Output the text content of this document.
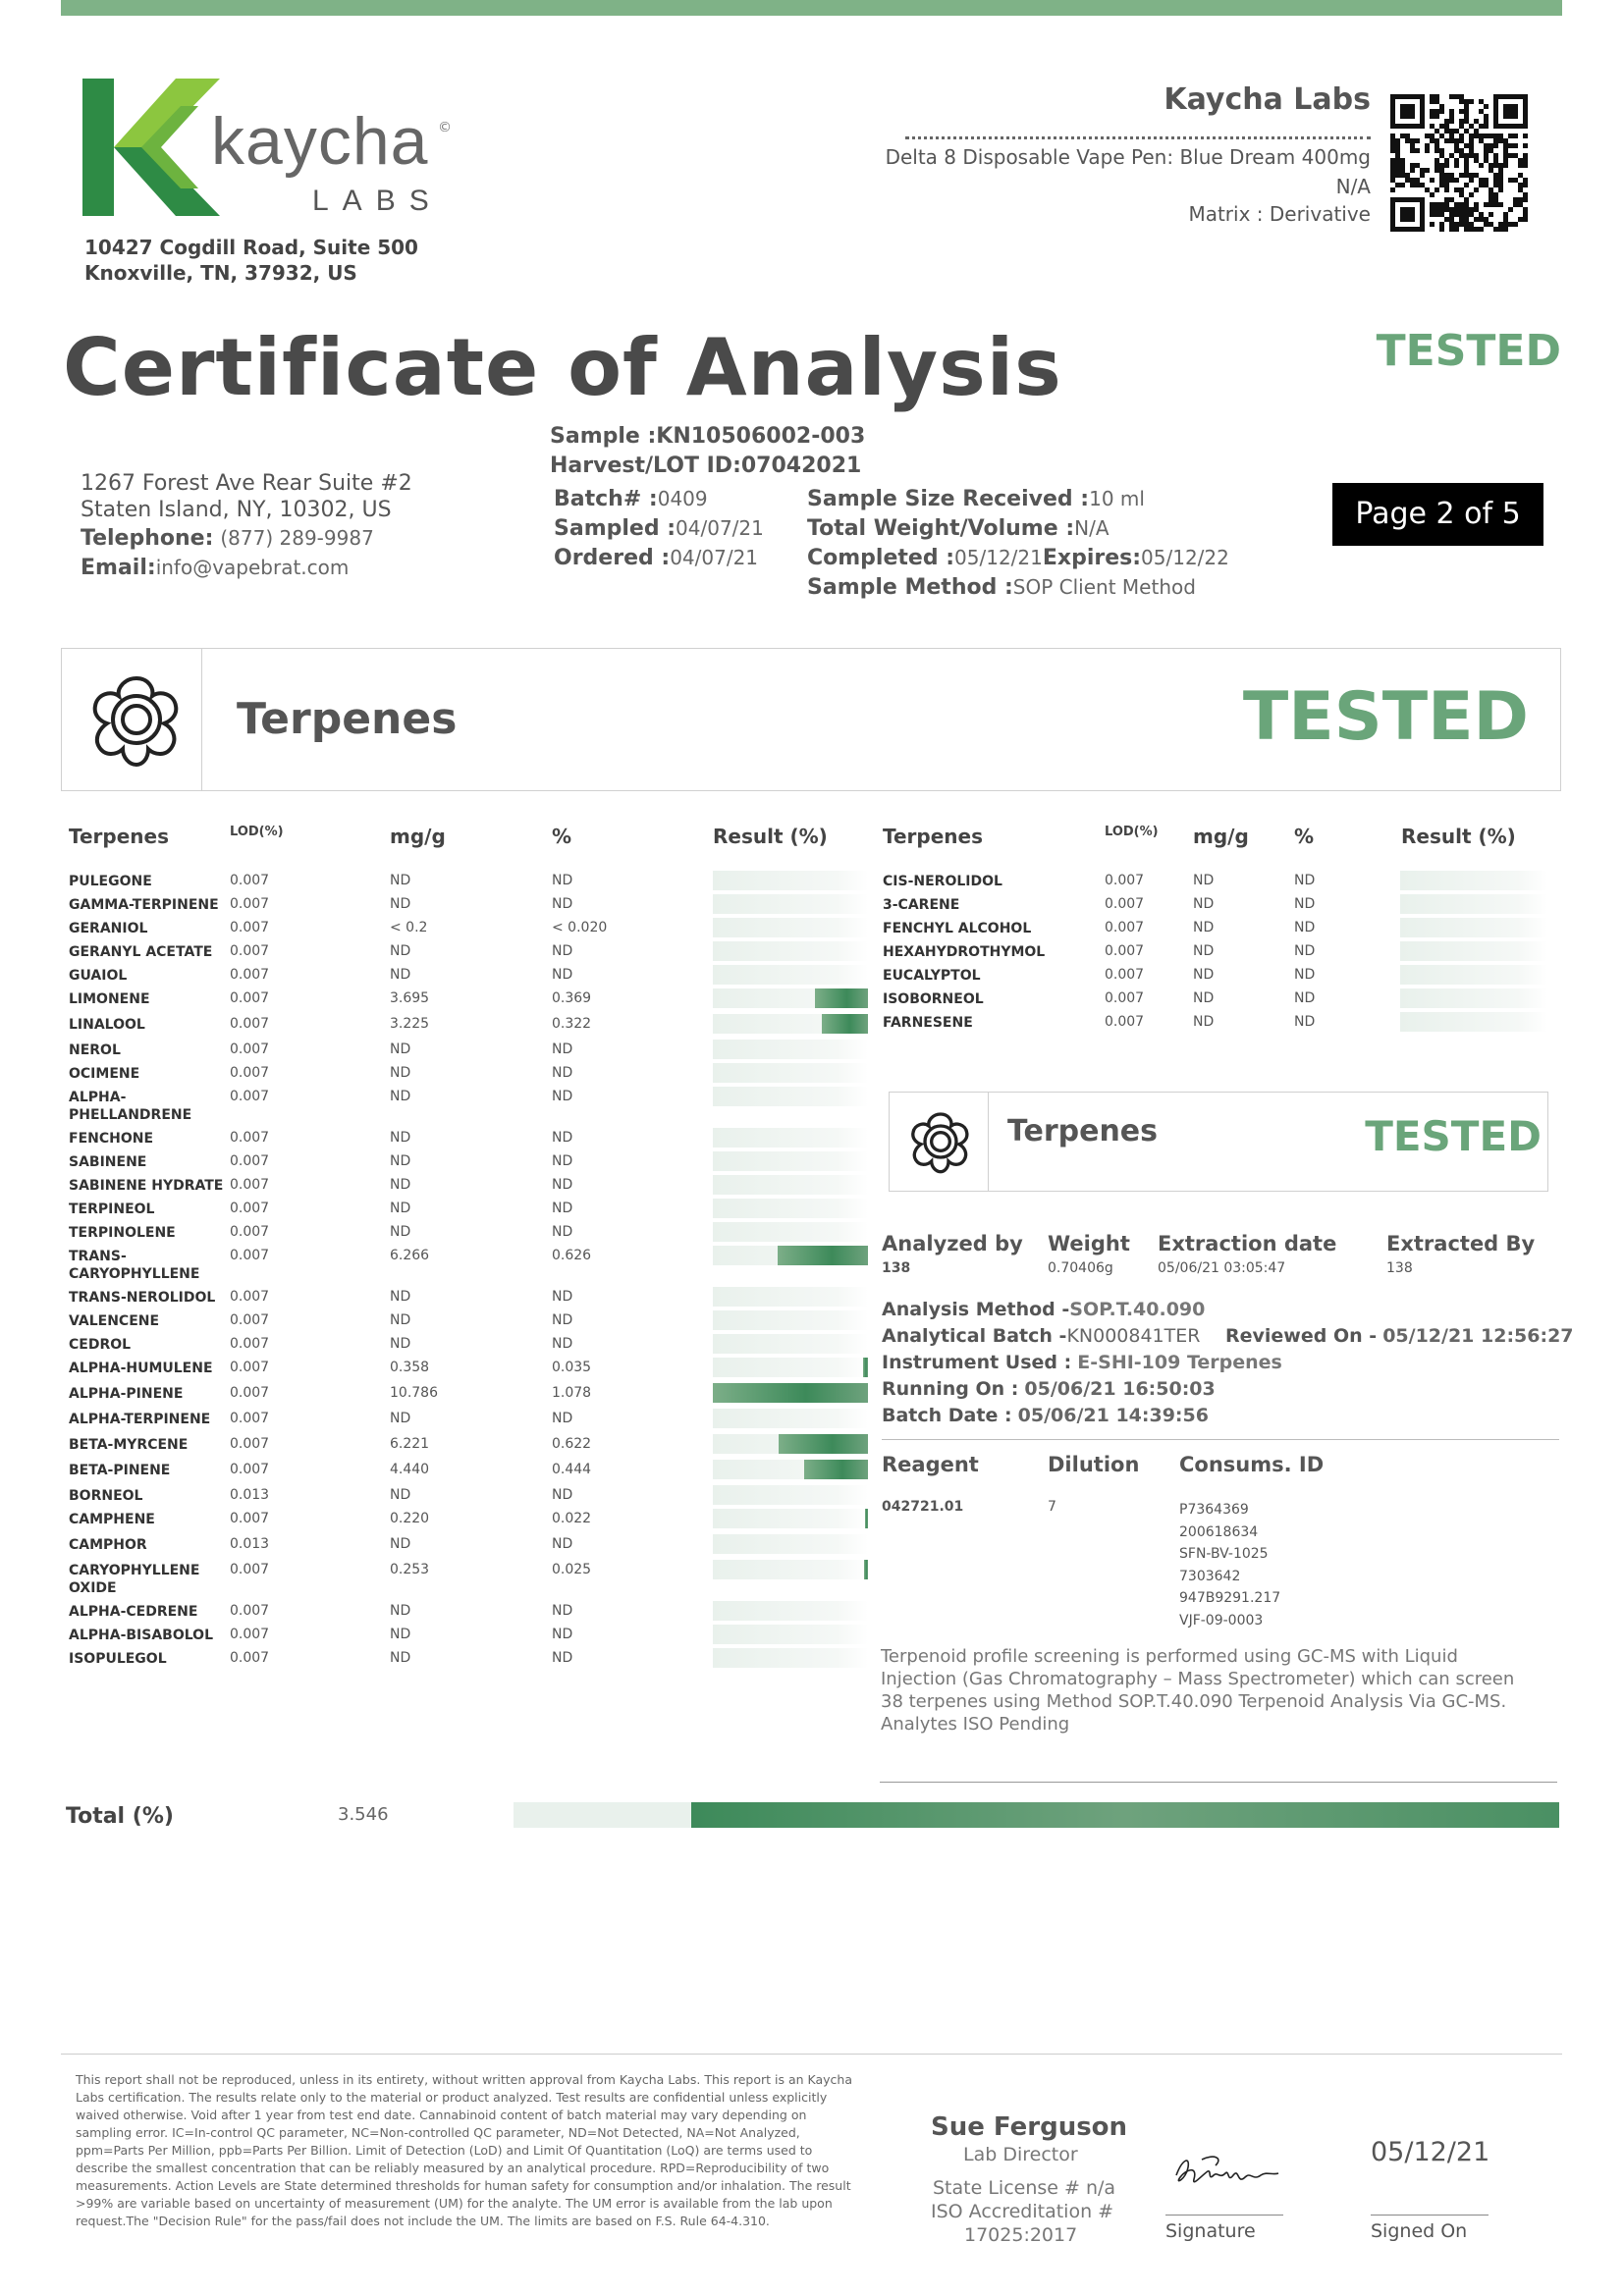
kaycha ©
LABS
10427 Cogdill Road, Suite 500
Knoxville, TN, 37932, US
Kaycha Labs
Delta 8 Disposable Vape Pen: Blue Dream 400mg
N/A
Matrix : Derivative
Certificate of Analysis	TESTED
1267 Forest Ave Rear Suite #2
Staten Island, NY, 10302, US
Telephone: (877) 289-9987
Email:info@vapebrat.com
Sample :KN10506002-003
Harvest/LOT ID:07042021
Batch# :0409
Sampled :04/07/21
Ordered :04/07/21
Sample Size Received :10 ml
Total Weight/Volume :N/A
Completed :05/12/21Expires:05/12/22
Sample Method :SOP Client Method
Page 2 of 5
Terpenes	TESTED
Terpenes	LOD(%)	mg/g	%	Result (%)	Terpenes	LOD(%) mg/g %	Result (%)
PULEGONE	0.007	ND	ND
GAMMA-TERPINENE 0.007	ND	ND
GERANIOL	0.007	< 0.2	< 0.020
GERANYL ACETATE 0.007	ND	ND
GUAIOL	0.007	ND	ND
LIMONENE	0.007	3.695	0.369
LINALOOL	0.007	3.225	0.322
NEROL	0.007	ND	ND
OCIMENE	0.007	ND	ND
ALPHA-
PHELLANDRENE
0.007	ND	ND
FENCHONE	0.007	ND	ND
SABINENE	0.007	ND	ND
SABINENE HYDRATE 0.007	ND	ND
TERPINEOL	0.007	ND	ND
TERPINOLENE	0.007	ND	ND
TRANS-
CARYOPHYLLENE
0.007	6.266	0.626
TRANS-NEROLIDOL 0.007	ND	ND
VALENCENE	0.007	ND	ND
CEDROL	0.007	ND	ND
ALPHA-HUMULENE 0.007	0.358	0.035
ALPHA-PINENE	0.007	10.786	1.078
ALPHA-TERPINENE 0.007	ND	ND
BETA-MYRCENE	0.007	6.221	0.622
BETA-PINENE	0.007	4.440	0.444
BORNEOL	0.013	ND	ND
CAMPHENE	0.007	0.220	0.022
CAMPHOR	0.013	ND	ND
CARYOPHYLLENE
OXIDE
0.007	0.253	0.025
ALPHA-CEDRENE 0.007	ND	ND
ALPHA-BISABOLOL 0.007	ND	ND
ISOPULEGOL	0.007	ND	ND
CIS-NEROLIDOL	0.007	ND	ND
3-CARENE	0.007	ND	ND
FENCHYL ALCOHOL	0.007	ND	ND
HEXAHYDROTHYMOL	0.007	ND	ND
EUCALYPTOL	0.007	ND	ND
ISOBORNEOL	0.007	ND	ND
FARNESENE	0.007	ND	ND
Terpenes	TESTED
Analyzed by
138
Weight
0.70406g
Extraction date
05/06/21 03:05:47
Extracted By
138
Analysis Method -SOP.T.40.090
Analytical Batch -KN000841TER Reviewed On - 05/12/21 12:56:27
Instrument Used : E-SHI-109 Terpenes
Running On : 05/06/21 16:50:03
Batch Date : 05/06/21 14:39:56
Reagent	Dilution Consums. ID
042721.01	7	P7364369
200618634
SFN-BV-1025
7303642
947B9291.217
VJF-09-0003
Terpenoid profile screening is performed using GC-MS with Liquid Injection (Gas Chromatography – Mass Spectrometer) which can screen 38 terpenes using Method SOP.T.40.090 Terpenoid Analysis Via GC-MS. Analytes ISO Pending
Total (%)	3.546
This report shall not be reproduced, unless in its entirety, without written approval from Kaycha Labs. This report is an Kaycha Labs certification. The results relate only to the material or product analyzed. Test results are confidential unless explicitly waived otherwise. Void after 1 year from test end date. Cannabinoid content of batch material may vary depending on sampling error. IC=In-control QC parameter, NC=Non-controlled QC parameter, ND=Not Detected, NA=Not Analyzed, ppm=Parts Per Million, ppb=Parts Per Billion. Limit of Detection (LoD) and Limit Of Quantitation (LoQ) are terms used to describe the smallest concentration that can be reliably measured by an analytical procedure. RPD=Reproducibility of two measurements. Action Levels are State determined thresholds for human safety for consumption and/or inhalation. The result >99% are variable based on uncertainty of measurement (UM) for the analyte. The UM error is available from the lab upon request.The "Decision Rule" for the pass/fail does not include the UM. The limits are based on F.S. Rule 64-4.310.
Sue Ferguson
Lab Director
State License # n/a
ISO Accreditation #
17025:2017	Signature
05/12/21
Signed On
